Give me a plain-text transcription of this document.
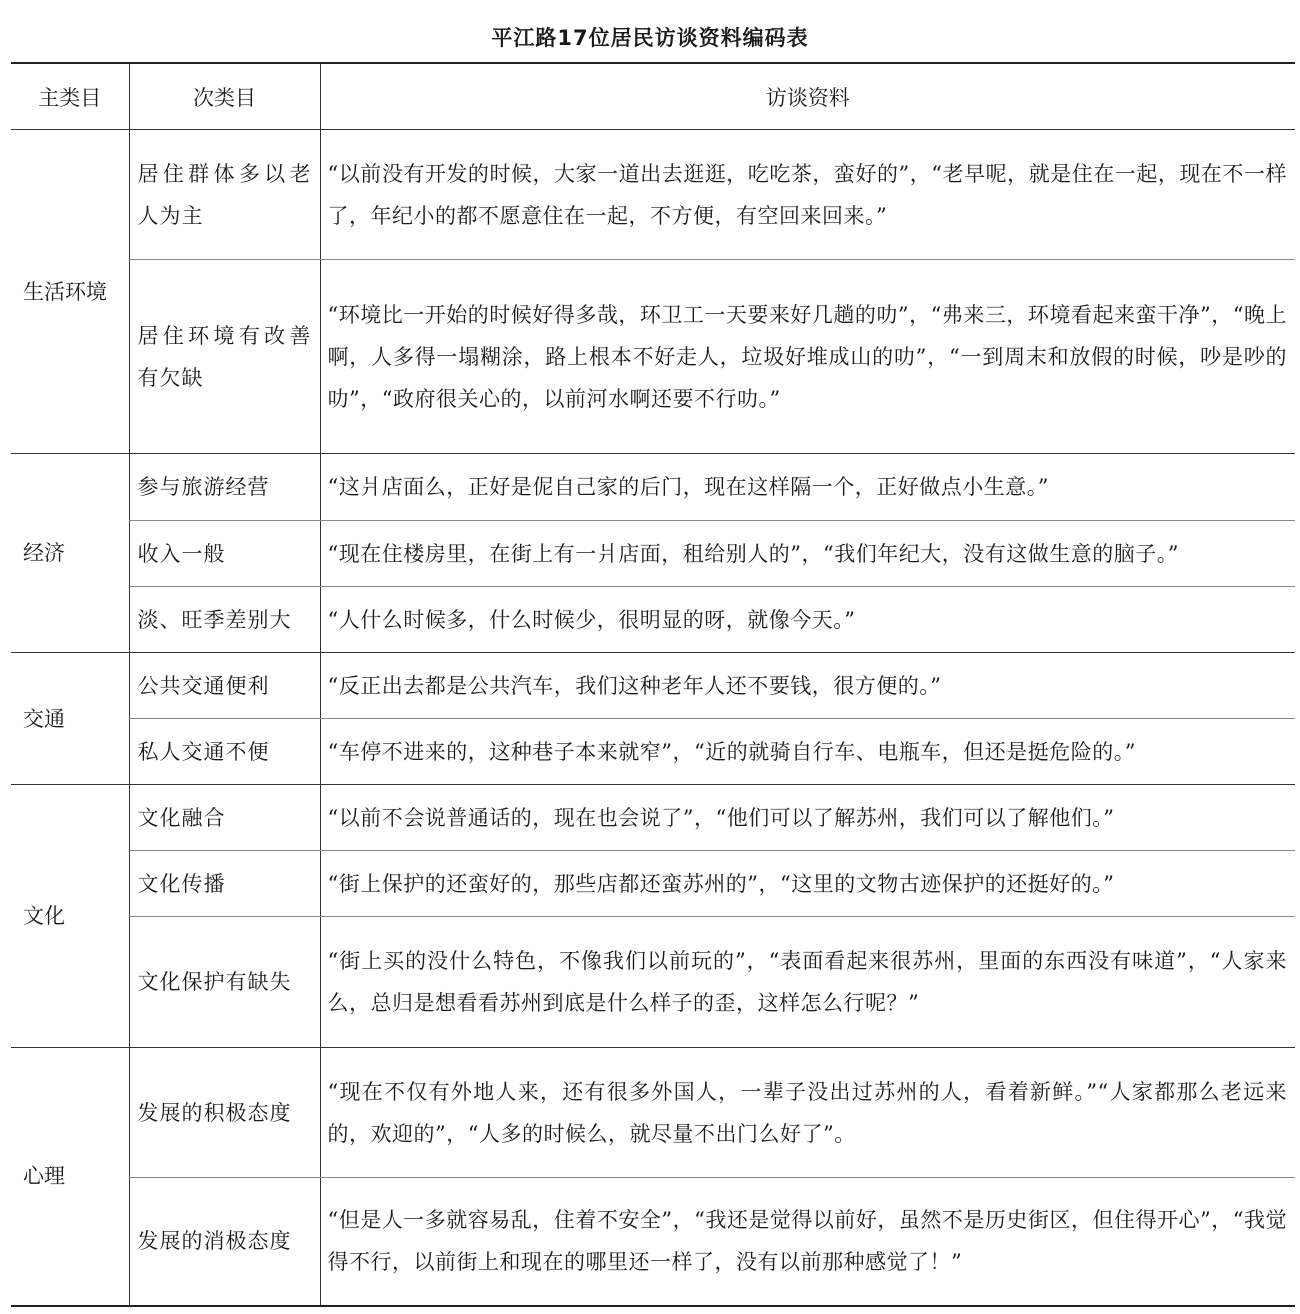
平江路17位居民访谈资料编码表
主类目	次类目	访谈资料
生活环境	居住群体多以老人为主	“以前没有开发的时候，大家一道出去逛逛，吃吃茶，蛮好的”，“老早呢，就是住在一起，现在不一样了，年纪小的都不愿意住在一起，不方便，有空回来回来。”
	居住环境有改善有欠缺	“环境比一开始的时候好得多哉，环卫工一天要来好几趟的叻”，“弗来三，环境看起来蛮干净”，“晚上啊，人多得一塌糊涂，路上根本不好走人，垃圾好堆成山的叻”，“一到周末和放假的时候，吵是吵的叻”，“政府很关心的，以前河水啊还要不行叻。”
经济	参与旅游经营	“这爿店面么，正好是伲自己家的后门，现在这样隔一个，正好做点小生意。”
	收入一般	“现在住楼房里，在街上有一爿店面，租给别人的”，“我们年纪大，没有这做生意的脑子。”
	淡、旺季差别大	“人什么时候多，什么时候少，很明显的呀，就像今天。”
交通	公共交通便利	“反正出去都是公共汽车，我们这种老年人还不要钱，很方便的。”
	私人交通不便	“车停不进来的，这种巷子本来就窄”，“近的就骑自行车、电瓶车，但还是挺危险的。”
文化	文化融合	“以前不会说普通话的，现在也会说了”，“他们可以了解苏州，我们可以了解他们。”
	文化传播	“街上保护的还蛮好的，那些店都还蛮苏州的”，“这里的文物古迹保护的还挺好的。”
	文化保护有缺失	“街上买的没什么特色，不像我们以前玩的”，“表面看起来很苏州，里面的东西没有味道”，“人家来么，总归是想看看苏州到底是什么样子的歪，这样怎么行呢？”
心理	发展的积极态度	“现在不仅有外地人来，还有很多外国人，一辈子没出过苏州的人，看着新鲜。”“人家都那么老远来的，欢迎的”，“人多的时候么，就尽量不出门么好了”。
	发展的消极态度	“但是人一多就容易乱，住着不安全”，“我还是觉得以前好，虽然不是历史街区，但住得开心”，“我觉得不行，以前街上和现在的哪里还一样了，没有以前那种感觉了！”
